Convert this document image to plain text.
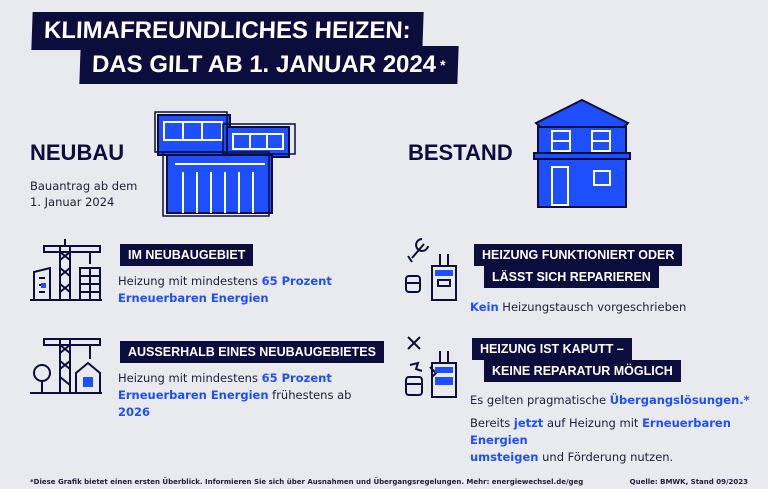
KLIMAFREUNDLICHES HEIZEN:
DAS GILT AB 1. JANUAR 2024 *
NEUBAU
Bauantrag ab dem
1. Januar 2024
IM NEUBAUGEBIET
Heizung mit mindestens 65 Prozent
Erneuerbaren Energien
AUSSERHALB EINES NEUBAUGEBIETES
Heizung mit mindestens 65 Prozent
Erneuerbaren Energien frühestens ab 2026
BESTAND
HEIZUNG FUNKTIONIERT ODER
LÄSST SICH REPARIEREN
Kein Heizungstausch vorgeschrieben
HEIZUNG IST KAPUTT –
KEINE REPARATUR MÖGLICH
Es gelten pragmatische Übergangslösungen.*
Bereits jetzt auf Heizung mit Erneuerbaren Energien
umsteigen und Förderung nutzen.
*Diese Grafik bietet einen ersten Überblick. Informieren Sie sich über Ausnahmen und Übergangsregelungen. Mehr: energiewechsel.de/geg	Quelle: BMWK, Stand 09/2023
